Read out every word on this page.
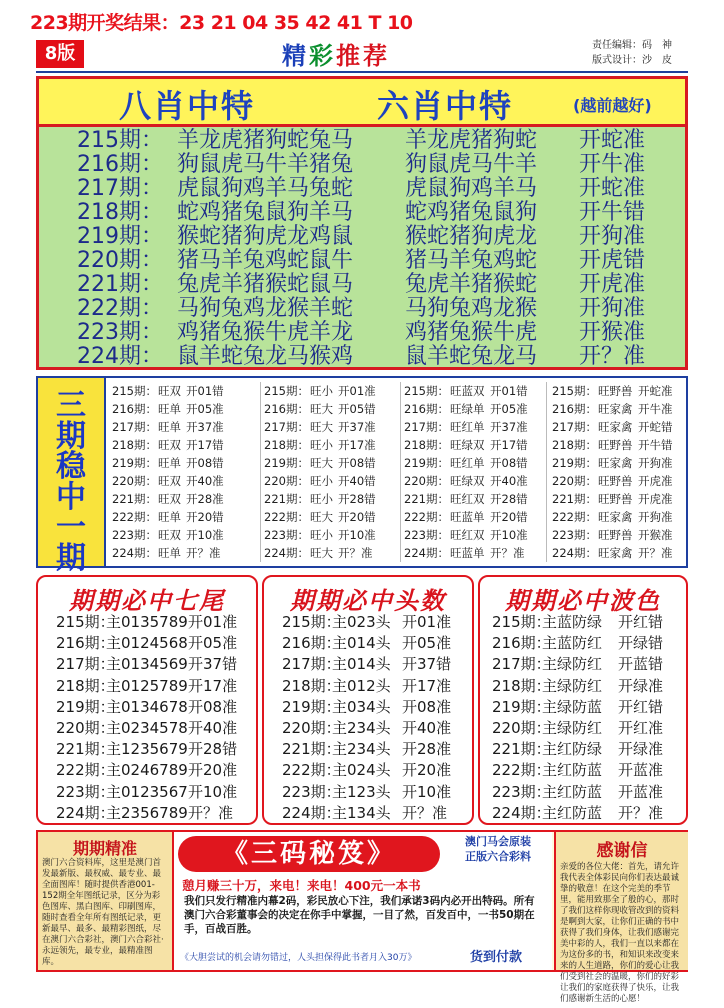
223期开奖结果：23 21 04 35 42 41 T 10
8版	精彩推荐	责任编辑：码　神
版式设计：沙　皮
八肖中特	六肖中特	(越前越好)
215期： 羊龙虎猪狗蛇兔马 羊龙虎猪狗蛇 开蛇准
216期： 狗鼠虎马牛羊猪兔 狗鼠虎马牛羊 开牛准
217期： 虎鼠狗鸡羊马兔蛇 虎鼠狗鸡羊马 开蛇准
218期： 蛇鸡猪兔鼠狗羊马 蛇鸡猪兔鼠狗 开牛错
219期： 猴蛇猪狗虎龙鸡鼠 猴蛇猪狗虎龙 开狗准
220期： 猪马羊兔鸡蛇鼠牛 猪马羊兔鸡蛇 开虎错
221期： 兔虎羊猪猴蛇鼠马 兔虎羊猪猴蛇 开虎准
222期： 马狗兔鸡龙猴羊蛇 马狗兔鸡龙猴 开狗准
223期： 鸡猪兔猴牛虎羊龙 鸡猪兔猴牛虎 开猴准
224期： 鼠羊蛇兔龙马猴鸡 鼠羊蛇兔龙马 开？准
三
期
稳
中
一
期
215期： 旺双 开01错
216期： 旺单 开05准
217期： 旺单 开37准
218期： 旺双 开17错
219期： 旺单 开08错
220期： 旺双 开40准
221期： 旺双 开28准
222期： 旺单 开20错
223期： 旺双 开10准
224期： 旺单 开？准
215期： 旺小 开01准
216期： 旺大 开05错
217期： 旺大 开37准
218期： 旺小 开17准
219期： 旺大 开08错
220期： 旺小 开40错
221期： 旺小 开28错
222期： 旺大 开20错
223期： 旺小 开10准
224期： 旺大 开？准
215期： 旺蓝双 开01错
216期： 旺绿单 开05准
217期： 旺红单 开37准
218期： 旺绿双 开17错
219期： 旺红单 开08错
220期： 旺绿双 开40准
221期： 旺红双 开28错
222期： 旺蓝单 开20错
223期： 旺红双 开10准
224期： 旺蓝单 开？准
215期： 旺野兽 开蛇准
216期： 旺家禽 开牛准
217期： 旺家禽 开蛇错
218期： 旺野兽 开牛错
219期： 旺家禽 开狗准
220期： 旺野兽 开虎准
221期： 旺野兽 开虎准
222期： 旺家禽 开狗准
223期： 旺野兽 开猴准
224期： 旺家禽 开？准
期期必中七尾
215期：
主0135789 开01准
216期：
主0124568 开05准
217期：
主0134569 开37错
218期：
主0125789 开17准
219期：
主0134678 开08准
220期：
主0234578 开40准
221期：
主1235679 开28错
222期：
主0246789 开20准
223期：
主0123567 开10准
224期：
主2356789 开？准
期期必中头数
215期：
主023头 开01准
216期：
主014头 开05准
217期：
主014头 开37错
218期：
主012头 开17准
219期：
主034头 开08准
220期：
主234头 开40准
221期：
主234头 开28准
222期：
主024头 开20准
223期：
主123头 开10准
224期：
主134头 开？准
期期必中波色
215期：
主蓝防绿 开红错
216期：
主蓝防红 开绿错
217期：
主绿防红 开蓝错
218期：
主绿防红 开绿准
219期：
主绿防蓝 开红错
220期：
主绿防红 开红准
221期：
主红防绿 开绿准
222期：
主红防蓝 开蓝准
223期：
主红防蓝 开蓝准
224期：
主红防蓝 开？准
期期精准
澳门六合资料库，这里是澳门首发最新版、最权威、最专业、最全面图库！随时提供香港001-152期全年图纸记录，区分为彩色图库、黑白图库、印刷图库，随时查看全年所有图纸记录，更新最早、最多、最精彩图纸，尽在澳门六合彩社，澳门六合彩社·永远领先，最专业，最精准图库。
《三码秘笈》	澳门马会原装
正版六合彩料
憩月赚三十万，来电！来电！400元一本书
我们只发行精准内幕2码，彩民放心下注，我们承诺3码内必开出特码。所有澳门六合彩董事会的决定在你手中掌握，一目了然，百发百中，一书50期在手，百战百胜。
《大胆尝试的机会请勿错过，人头担保得此书者月入30万》	货到付款
感谢信
亲爱的各位大佬：首先，请允许我代表全体彩民向你们表达最诚挚的敬意！在这个完美的季节里，能用致那全了般的心，那时了我们这样你现收管改到的资料是啊到大家，让你们正确的书中获得了我们身体，让我们感谢完美中彩的人，我们一直以来都在为这份多的书，和知识来改变来来的人生道路，你们的爱心让我们受到社会的温暖，你们的好彩让我们的家庭获得了快乐，让我们感谢新生活的心愿！
